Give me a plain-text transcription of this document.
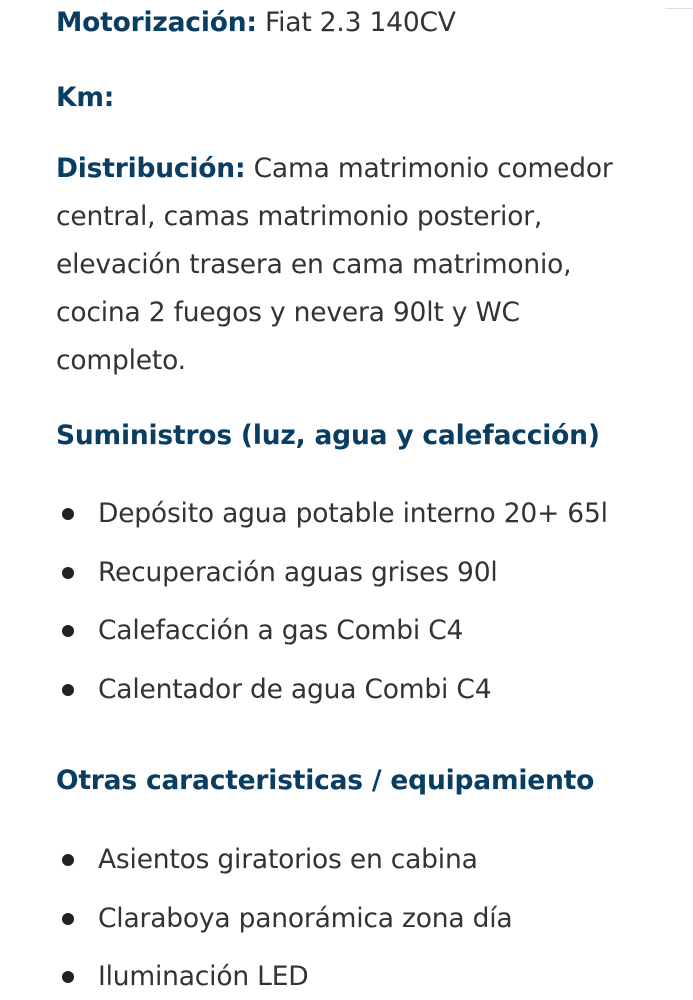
Motorización: Fiat 2.3 140CV

Km:

Distribución: Cama matrimonio comedor central, camas matrimonio posterior, elevación trasera en cama matrimonio, cocina 2 fuegos y nevera 90lt y WC completo.

Suministros (luz, agua y calefacción)
Depósito agua potable interno 20+ 65l
Recuperación aguas grises 90l
Calefacción a gas Combi C4
Calentador de agua Combi C4
Otras caracteristicas / equipamiento
Asientos giratorios en cabina
Claraboya panorámica zona día
Iluminación LED
